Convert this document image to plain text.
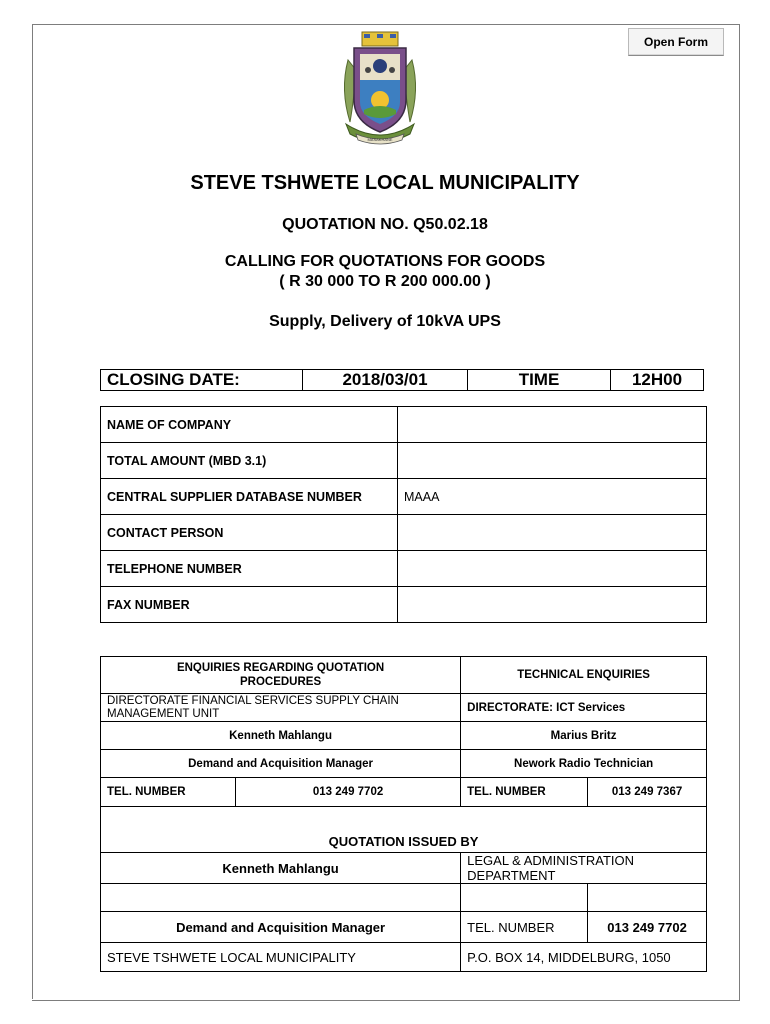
Open Form
MASAKHANE
STEVE TSHWETE LOCAL MUNICIPALITY
QUOTATION NO. Q50.02.18
CALLING FOR QUOTATIONS FOR GOODS
( R 30 000 TO R 200 000.00 )
Supply, Delivery of 10kVA UPS
CLOSING DATE:	2018/03/01	TIME	12H00
NAME OF COMPANY	
TOTAL AMOUNT (MBD 3.1)	
CENTRAL SUPPLIER DATABASE NUMBER	MAAA
CONTACT PERSON	
TELEPHONE NUMBER	
FAX NUMBER	
ENQUIRIES REGARDING QUOTATION PROCEDURES		TECHNICAL ENQUIRIES	
DIRECTORATE FINANCIAL SERVICES SUPPLY CHAIN MANAGEMENT UNIT		DIRECTORATE: ICT Services	
Kenneth Mahlangu		Marius Britz	
Demand and Acquisition Manager		Nework Radio Technician	
TEL. NUMBER	013 249 7702	TEL. NUMBER	013 249 7367
QUOTATION ISSUED BY			
Kenneth Mahlangu		LEGAL & ADMINISTRATION DEPARTMENT	

Demand and Acquisition Manager		TEL. NUMBER	013 249 7702
STEVE TSHWETE LOCAL MUNICIPALITY		P.O. BOX 14, MIDDELBURG, 1050	
